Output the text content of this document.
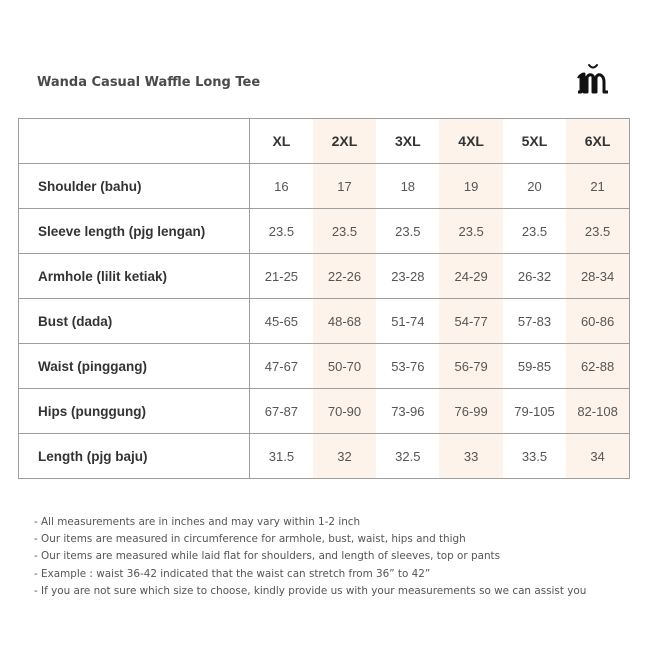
Wanda Casual Waffle Long Tee
	XL	2XL	3XL	4XL	5XL	6XL
Shoulder (bahu)	16	17	18	19	20	21
Sleeve length (pjg lengan)	23.5	23.5	23.5	23.5	23.5	23.5
Armhole (lilit ketiak)	21-25	22-26	23-28	24-29	26-32	28-34
Bust (dada)	45-65	48-68	51-74	54-77	57-83	60-86
Waist (pinggang)	47-67	50-70	53-76	56-79	59-85	62-88
Hips (punggung)	67-87	70-90	73-96	76-99	79-105	82-108
Length (pjg baju)	31.5	32	32.5	33	33.5	34
- All measurements are in inches and may vary within 1-2 inch
- Our items are measured in circumference for armhole, bust, waist, hips and thigh
- Our items are measured while laid flat for shoulders, and length of sleeves, top or pants
- Example : waist 36-42 indicated that the waist can stretch from 36” to 42”
- If you are not sure which size to choose, kindly provide us with your measurements so we can assist you
